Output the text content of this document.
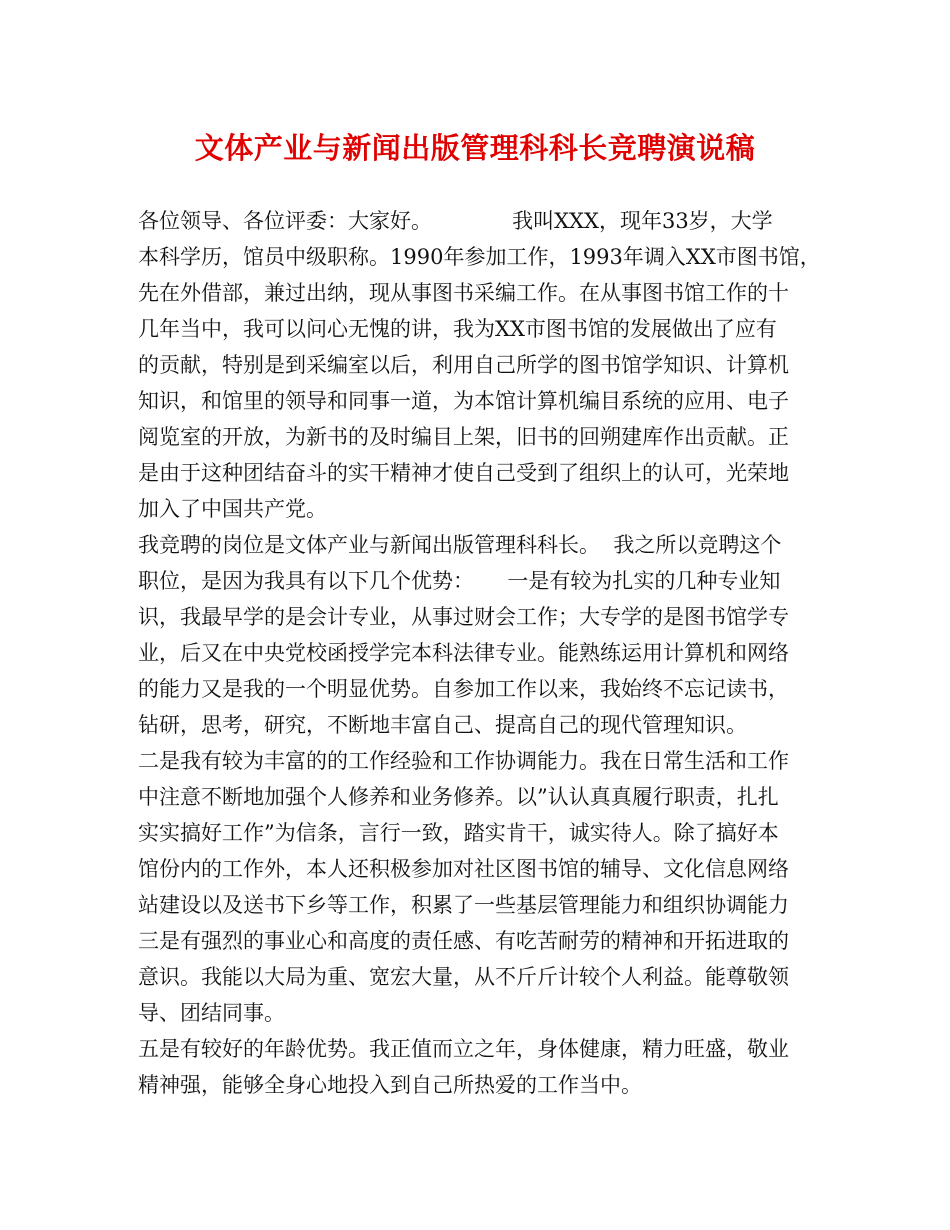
文体产业与新闻出版管理科科长竞聘演说稿
各位领导、各位评委：大家好。            我叫XXX，现年33岁，大学
本科学历，馆员中级职称。1990年参加工作，1993年调入XX市图书馆，
先在外借部，兼过出纳，现从事图书采编工作。在从事图书馆工作的十
几年当中，我可以问心无愧的讲，我为XX市图书馆的发展做出了应有
的贡献，特别是到采编室以后，利用自己所学的图书馆学知识、计算机
知识，和馆里的领导和同事一道，为本馆计算机编目系统的应用、电子
阅览室的开放，为新书的及时编目上架，旧书的回朔建库作出贡献。正
是由于这种团结奋斗的实干精神才使自己受到了组织上的认可，光荣地
加入了中国共产党。
我竞聘的岗位是文体产业与新闻出版管理科科长。  我之所以竞聘这个
职位，是因为我具有以下几个优势：     一是有较为扎实的几种专业知
识，我最早学的是会计专业，从事过财会工作；大专学的是图书馆学专
业，后又在中央党校函授学完本科法律专业。能熟练运用计算机和网络
的能力又是我的一个明显优势。自参加工作以来，我始终不忘记读书，
钻研，思考，研究，不断地丰富自己、提高自己的现代管理知识。
二是我有较为丰富的的工作经验和工作协调能力。我在日常生活和工作
中注意不断地加强个人修养和业务修养。以”认认真真履行职责，扎扎
实实搞好工作”为信条，言行一致，踏实肯干，诚实待人。除了搞好本
馆份内的工作外，本人还积极参加对社区图书馆的辅导、文化信息网络
站建设以及送书下乡等工作，积累了一些基层管理能力和组织协调能力
三是有强烈的事业心和高度的责任感、有吃苦耐劳的精神和开拓进取的
意识。我能以大局为重、宽宏大量，从不斤斤计较个人利益。能尊敬领
导、团结同事。
五是有较好的年龄优势。我正值而立之年，身体健康，精力旺盛，敬业
精神强，能够全身心地投入到自己所热爱的工作当中。
